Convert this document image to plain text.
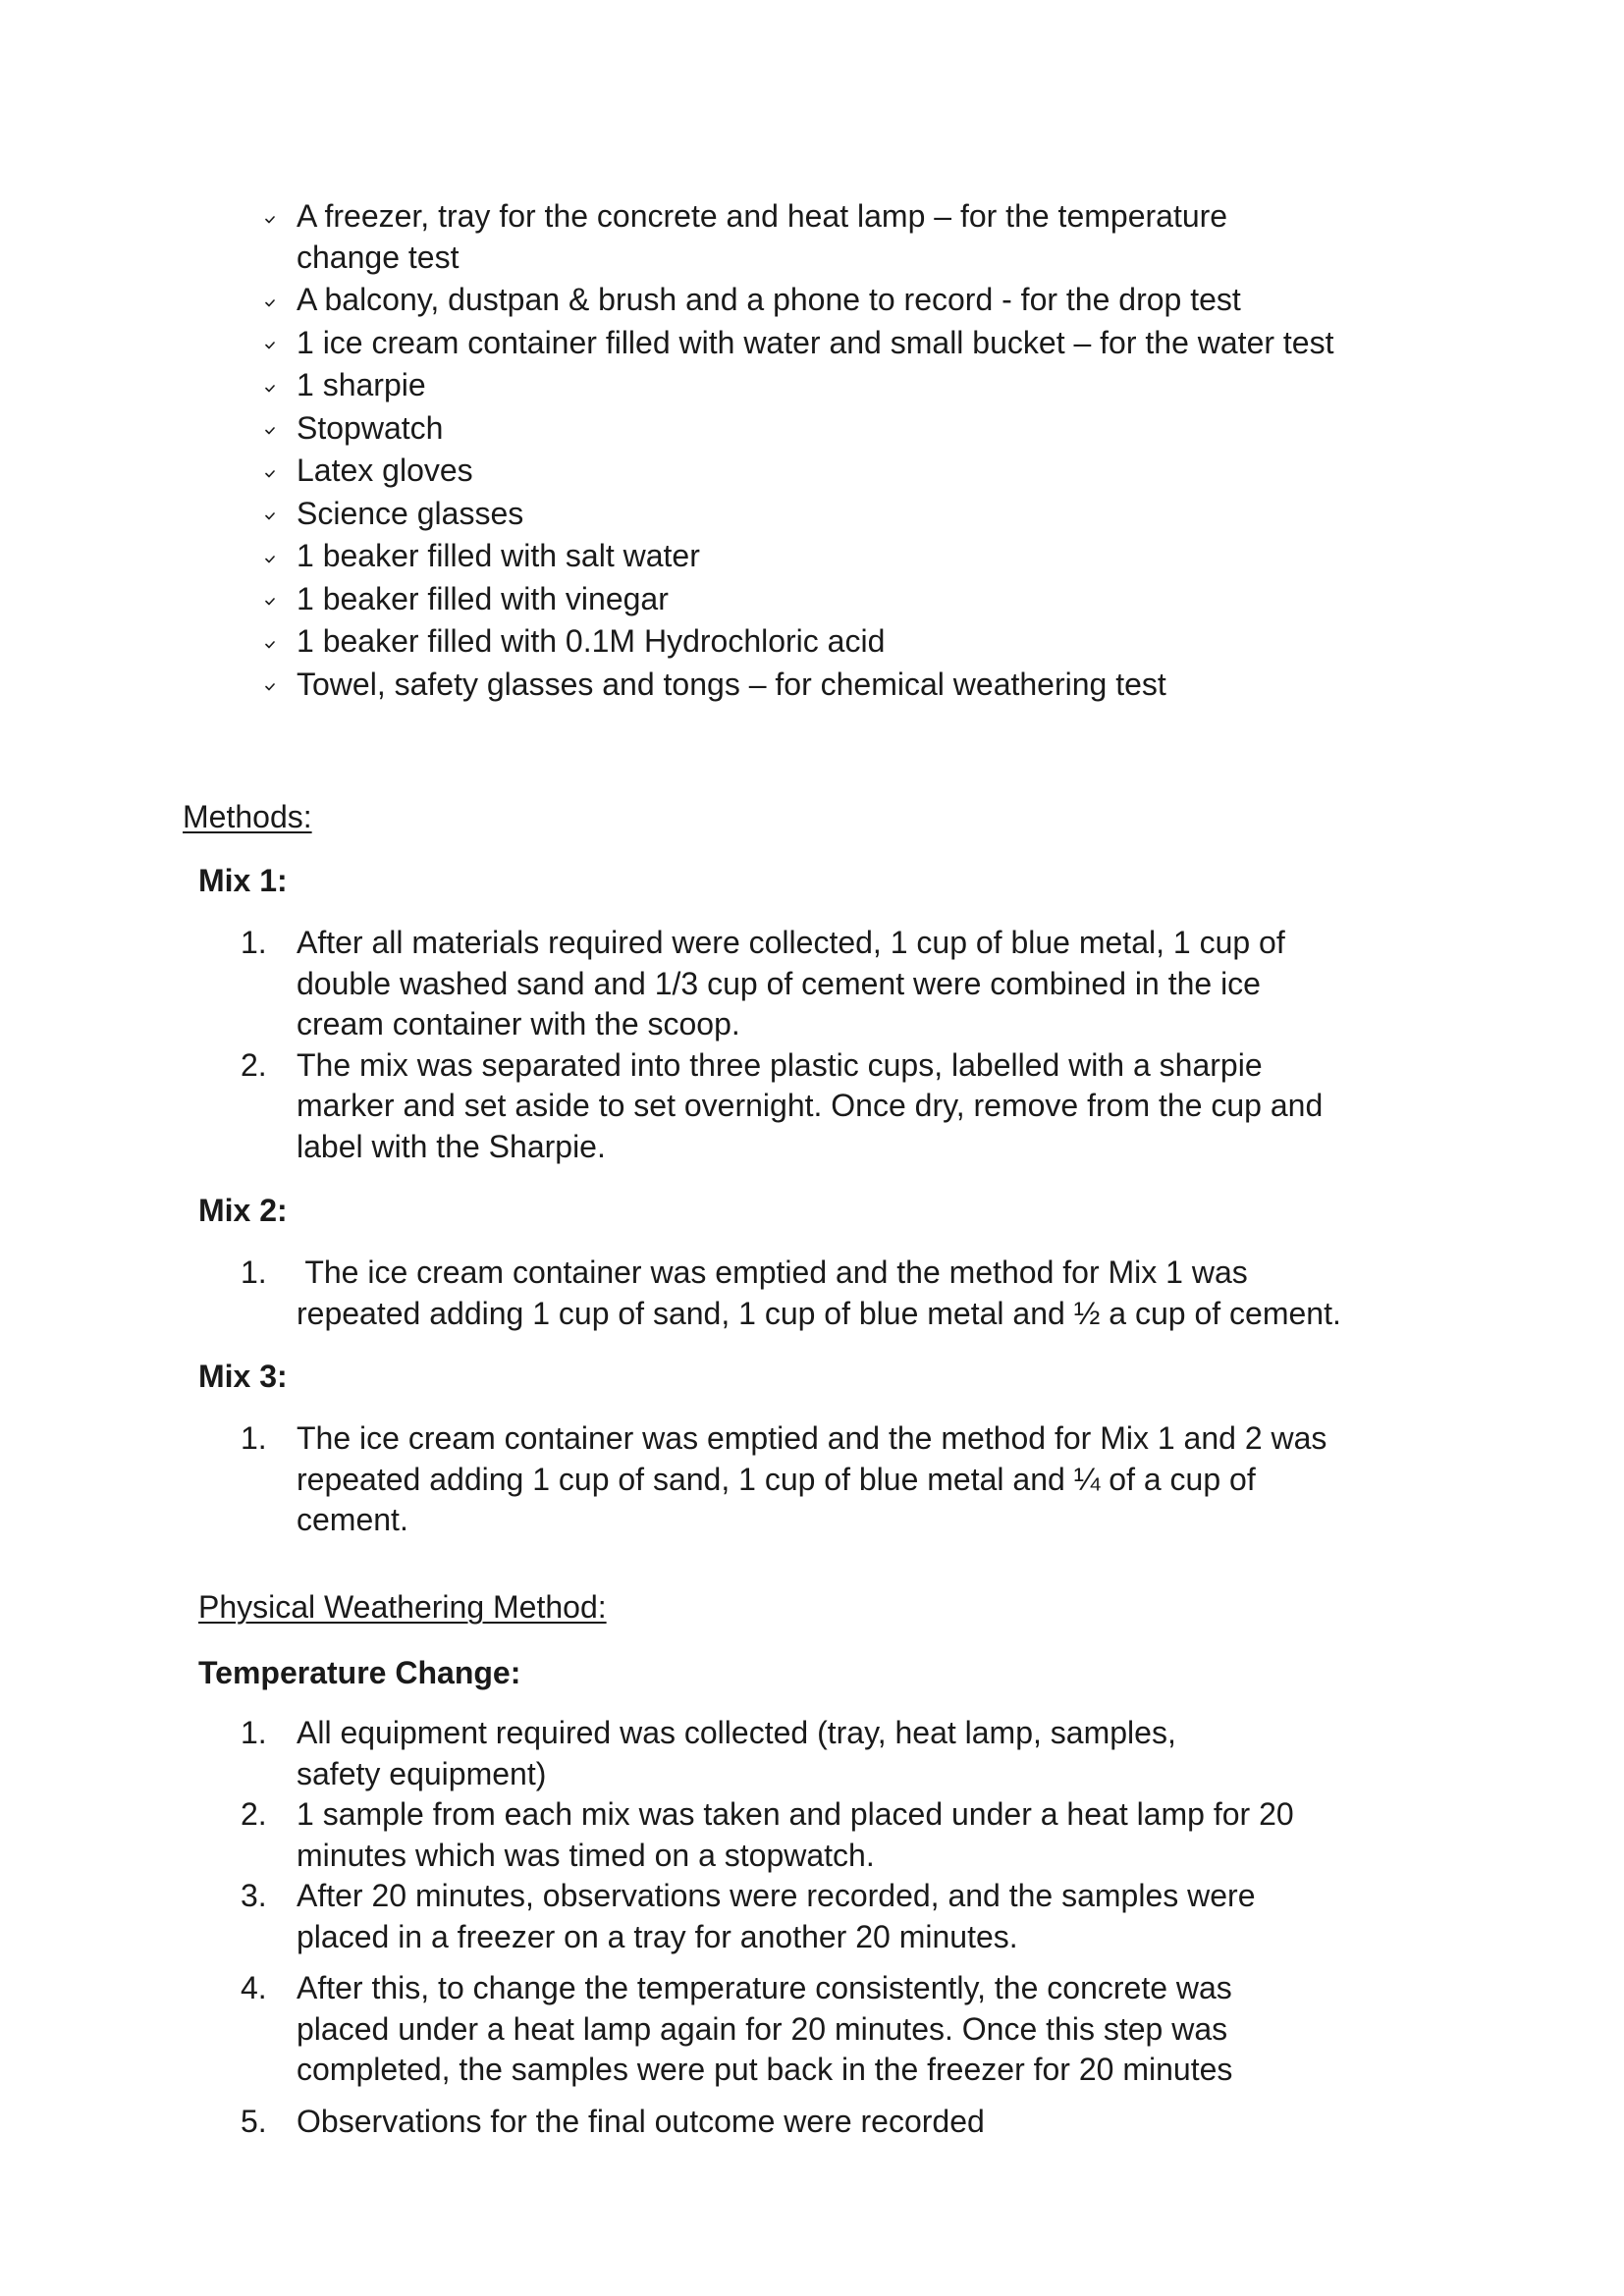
A freezer, tray for the concrete and heat lamp – for the temperature
change test
A balcony, dustpan & brush and a phone to record - for the drop test
1 ice cream container filled with water and small bucket – for the water test
1 sharpie
Stopwatch
Latex gloves
Science glasses
1 beaker filled with salt water
1 beaker filled with vinegar
1 beaker filled with 0.1M Hydrochloric acid
Towel, safety glasses and tongs – for chemical weathering test
Methods:
Mix 1:
1. After all materials required were collected, 1 cup of blue metal, 1 cup of
double washed sand and 1/3 cup of cement were combined in the ice
cream container with the scoop.
2. The mix was separated into three plastic cups, labelled with a sharpie
marker and set aside to set overnight. Once dry, remove from the cup and
label with the Sharpie.
Mix 2:
1. The ice cream container was emptied and the method for Mix 1 was
repeated adding 1 cup of sand, 1 cup of blue metal and ½ a cup of cement.
Mix 3:
1. The ice cream container was emptied and the method for Mix 1 and 2 was
repeated adding 1 cup of sand, 1 cup of blue metal and ¼ of a cup of
cement.
Physical Weathering Method:
Temperature Change:
1. All equipment required was collected (tray, heat lamp, samples,
safety equipment)
2. 1 sample from each mix was taken and placed under a heat lamp for 20
minutes which was timed on a stopwatch.
3. After 20 minutes, observations were recorded, and the samples were
placed in a freezer on a tray for another 20 minutes.
4. After this, to change the temperature consistently, the concrete was
placed under a heat lamp again for 20 minutes. Once this step was
completed, the samples were put back in the freezer for 20 minutes
5. Observations for the final outcome were recorded
